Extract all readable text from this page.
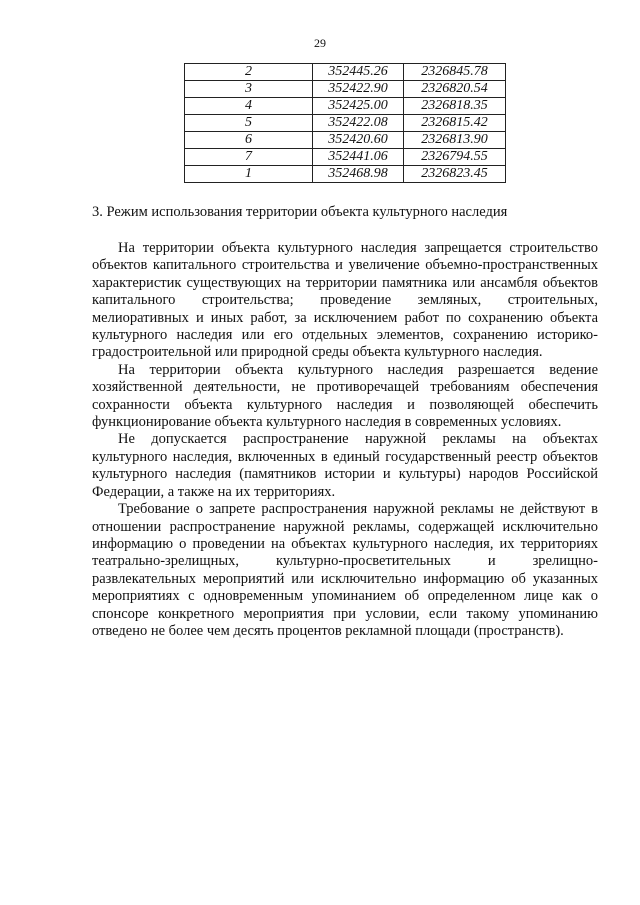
29
2	352445.26	2326845.78
3	352422.90	2326820.54
4	352425.00	2326818.35
5	352422.08	2326815.42
6	352420.60	2326813.90
7	352441.06	2326794.55
1	352468.98	2326823.45
3. Режим использования территории объекта культурного наследия

На территории объекта культурного наследия запрещается строительство объектов капитального строительства и увеличение объемно-пространственных характеристик существующих на территории памятника или ансамбля объектов капитального строительства; проведение земляных, строительных, мелиоративных и иных работ, за исключением работ по сохранению объекта культурного наследия или его отдельных элементов, сохранению историко-градостроительной или природной среды объекта культурного наследия.

На территории объекта культурного наследия разрешается ведение хозяйственной деятельности, не противоречащей требованиям обеспечения сохранности объекта культурного наследия и позволяющей обеспечить функционирование объекта культурного наследия в современных условиях.

Не допускается распространение наружной рекламы на объектах культурного наследия, включенных в единый государственный реестр объектов культурного наследия (памятников истории и культуры) народов Российской Федерации, а также на их территориях.

Требование о запрете распространения наружной рекламы не действуют в отношении распространение наружной рекламы, содержащей исключительно информацию о проведении на объектах культурного наследия, их территориях театрально-зрелищных, культурно-просветительных и зрелищно-развлекательных мероприятий или исключительно информацию об указанных мероприятиях с одновременным упоминанием об определенном лице как о спонсоре конкретного мероприятия при условии, если такому упоминанию отведено не более чем десять процентов рекламной площади (пространств).
